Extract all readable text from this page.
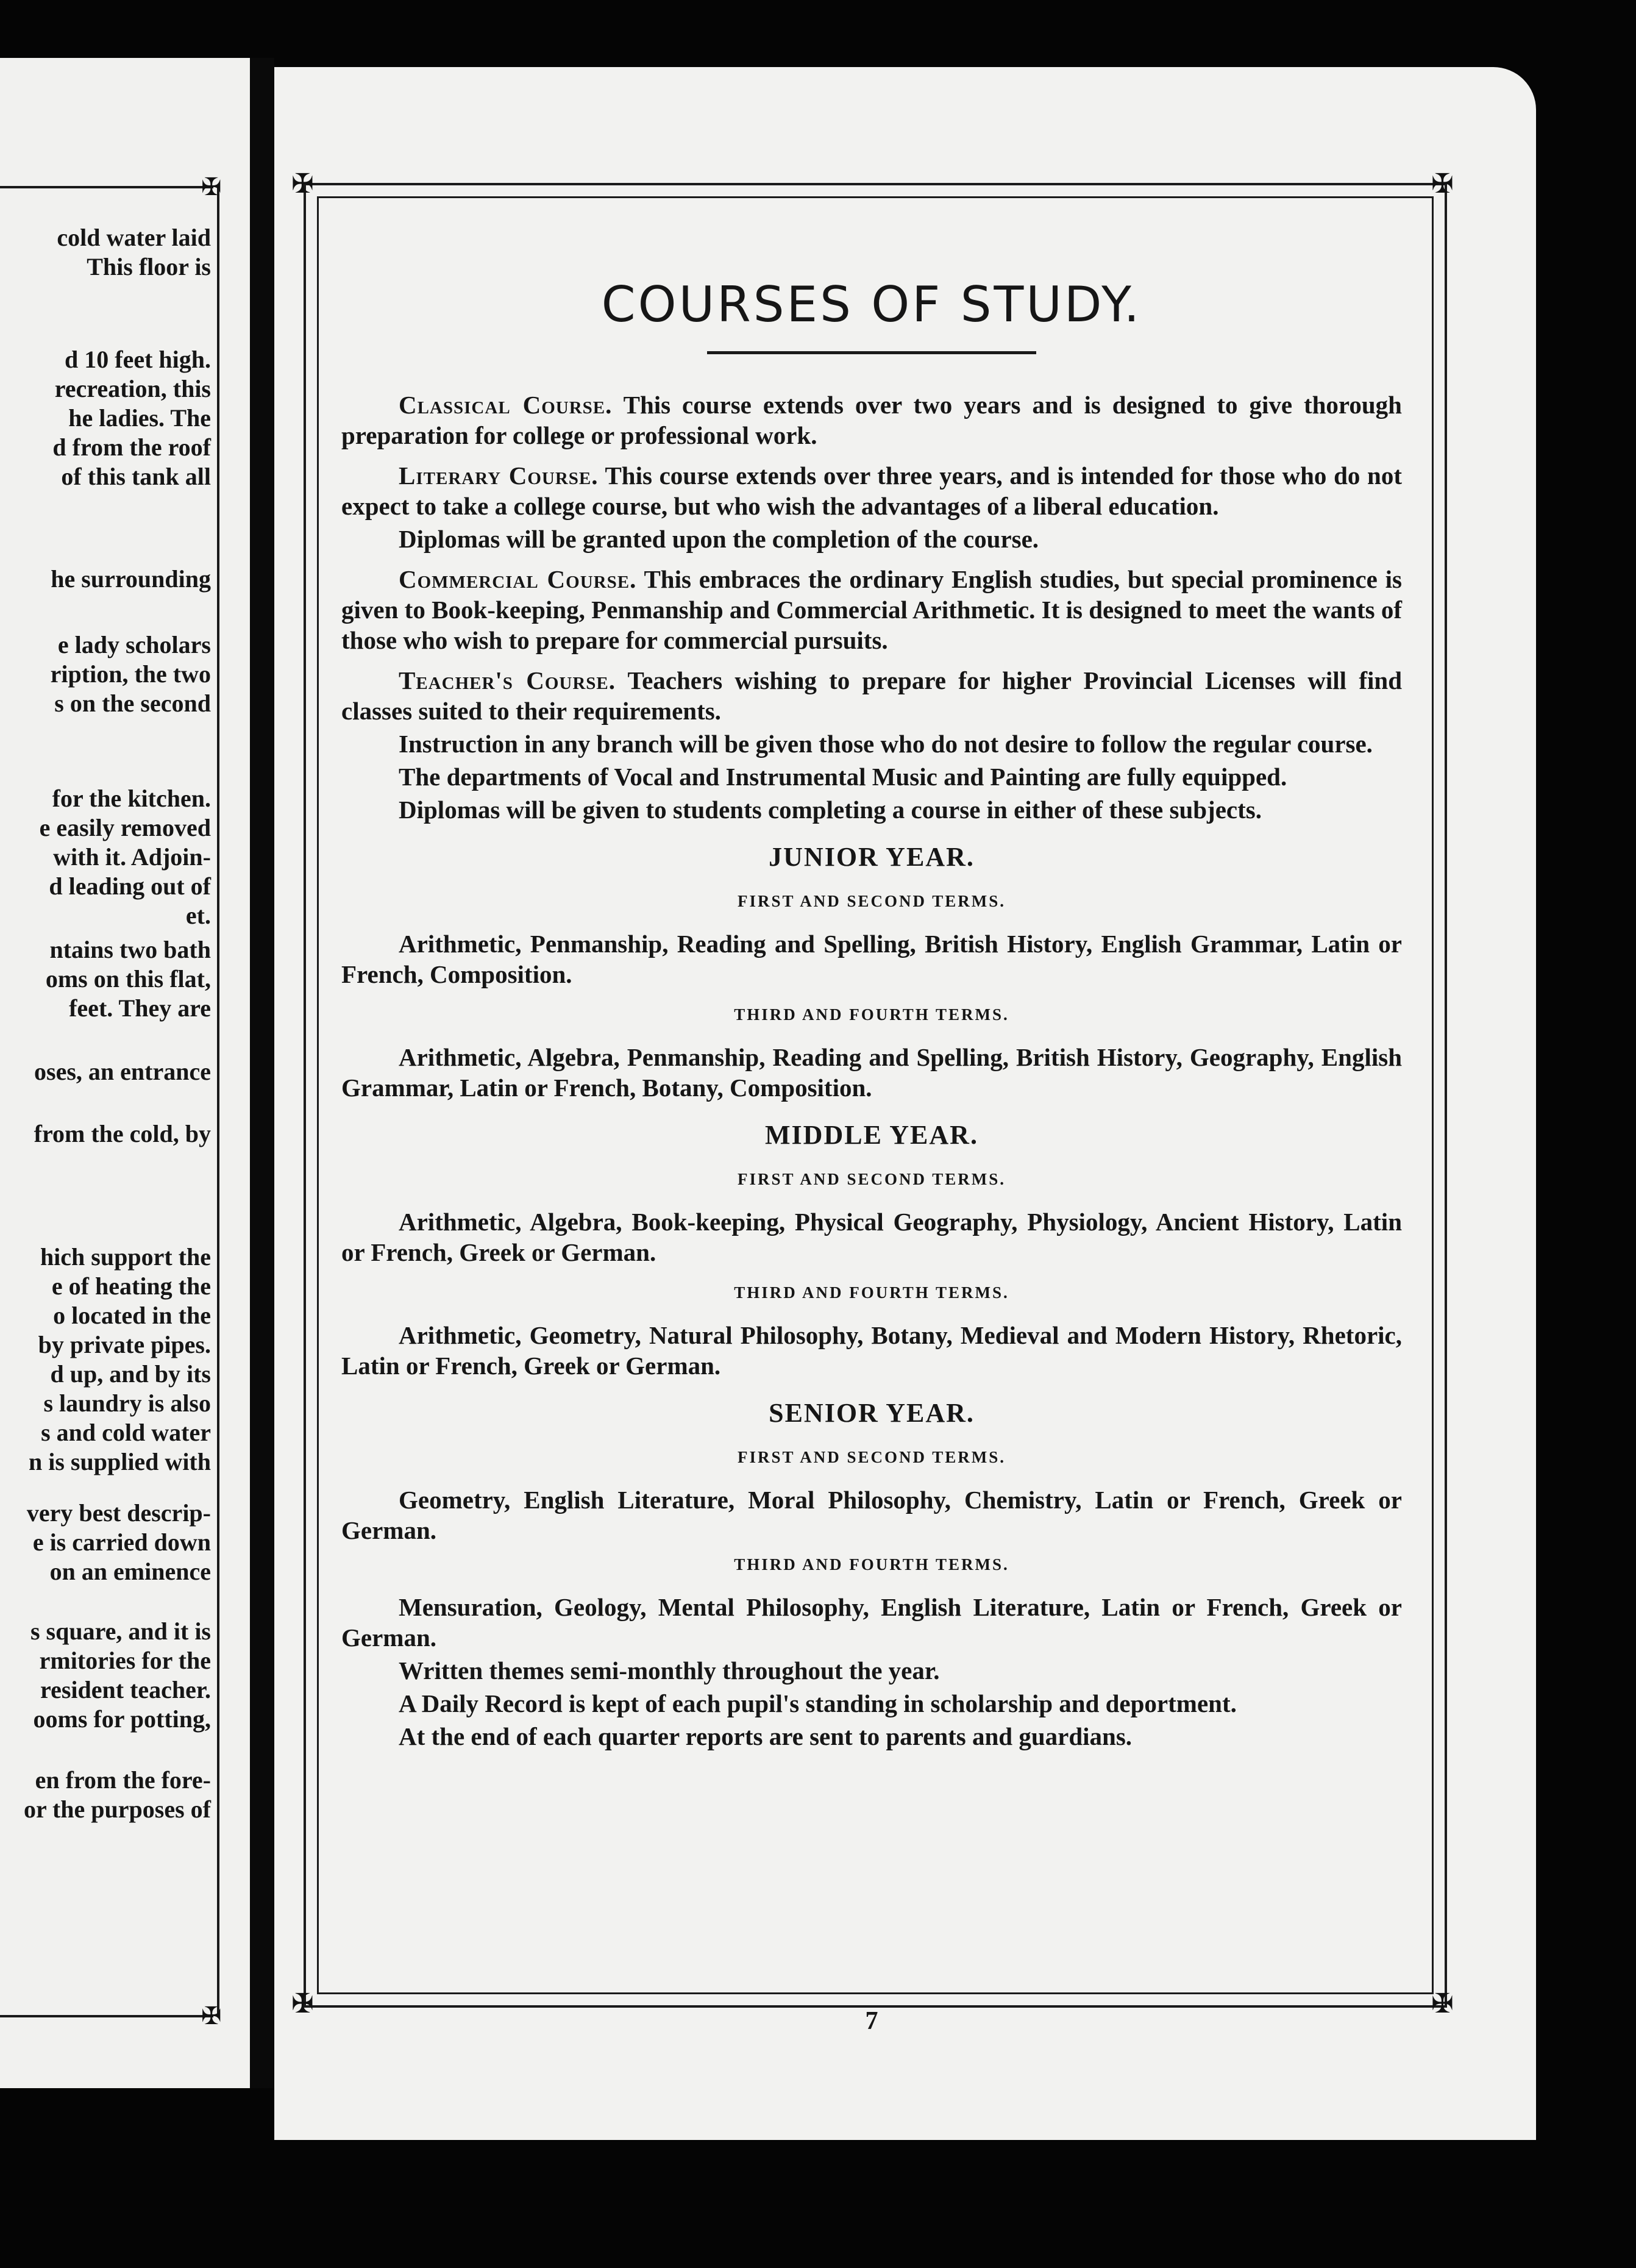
✠
✠
cold water laid
This floor is
d 10 feet high.
recreation, this
he ladies. The
d from the roof
of this tank all
he surrounding
e lady scholars
ription, the two
s on the second
for the kitchen.
e easily removed
with it. Adjoin-
d leading out of
et.
ntains two bath
oms on this flat,
feet. They are
oses, an entrance
from the cold, by
hich support the
e of heating the
o located in the
by private pipes.
d up, and by its
s laundry is also
s and cold water
n is supplied with
very best descrip-
e is carried down
on an eminence
s square, and it is
rmitories for the
resident teacher.
ooms for potting,
en from the fore-
or the purposes of
✠	✠
✠	✠
COURSES OF STUDY.

Classical Course. This course extends over two years and is designed to give thorough preparation for college or professional work.

Literary Course. This course extends over three years, and is intended for those who do not expect to take a college course, but who wish the advantages of a liberal education.

Diplomas will be granted upon the completion of the course.

Commercial Course. This embraces the ordinary English studies, but special prominence is given to Book-keeping, Penmanship and Commercial Arithmetic. It is designed to meet the wants of those who wish to prepare for commercial pursuits.

Teacher's Course. Teachers wishing to prepare for higher Provincial Licenses will find classes suited to their requirements.

Instruction in any branch will be given those who do not desire to follow the regular course.

The departments of Vocal and Instrumental Music and Painting are fully equipped.

Diplomas will be given to students completing a course in either of these subjects.

JUNIOR YEAR.
FIRST AND SECOND TERMS.

Arithmetic, Penmanship, Reading and Spelling, British History, English Grammar, Latin or French, Composition.

THIRD AND FOURTH TERMS.

Arithmetic, Algebra, Penmanship, Reading and Spelling, British History, Geography, English Grammar, Latin or French, Botany, Composition.

MIDDLE YEAR.
FIRST AND SECOND TERMS.

Arithmetic, Algebra, Book-keeping, Physical Geography, Physiology, Ancient History, Latin or French, Greek or German.

THIRD AND FOURTH TERMS.

Arithmetic, Geometry, Natural Philosophy, Botany, Medieval and Modern History, Rhetoric, Latin or French, Greek or German.

SENIOR YEAR.
FIRST AND SECOND TERMS.

Geometry, English Literature, Moral Philosophy, Chemistry, Latin or French, Greek or German.

THIRD AND FOURTH TERMS.

Mensuration, Geology, Mental Philosophy, English Literature, Latin or French, Greek or German.

Written themes semi-monthly throughout the year.

A Daily Record is kept of each pupil's standing in scholarship and deportment.

At the end of each quarter reports are sent to parents and guardians.

7
